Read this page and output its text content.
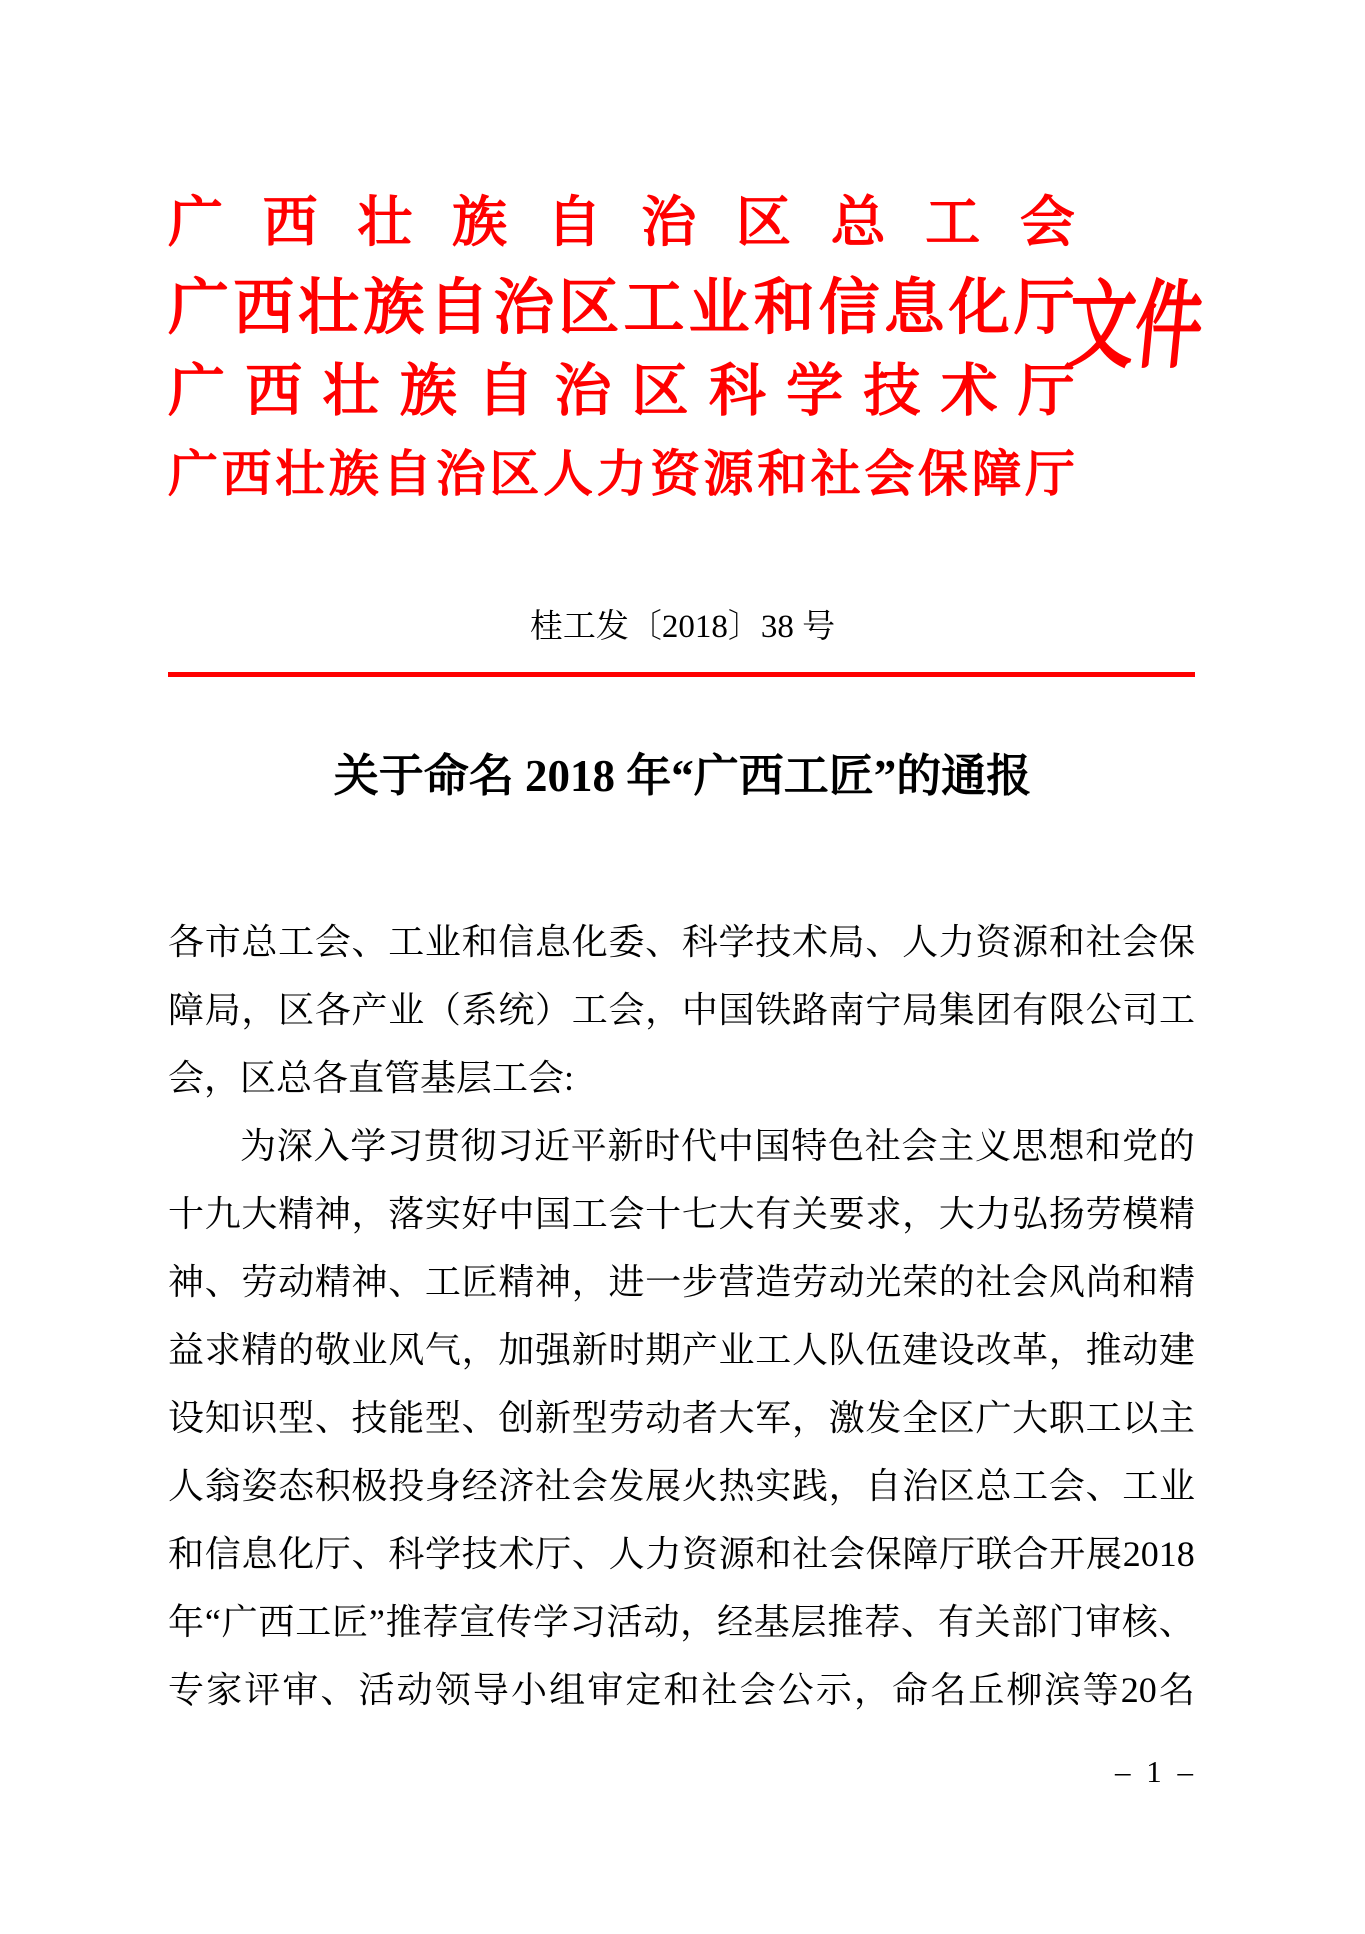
广 西 壮 族 自 治 区 总 工 会
广 西 壮 族 自 治 区 工 业 和 信 息 化 厅
广 西 壮 族 自 治 区 科 学 技 术 厅
广 西 壮 族 自 治 区 人 力 资 源 和 社 会 保 障 厅
文件
桂工发〔2018〕38 号
关于命名 2018 年“广西工匠”的通报
各 市 总 工 会 、 工 业 和 信 息 化 委 、 科 学 技 术 局 、 人 力 资 源 和 社 会 保
障 局 ， 区 各 产 业 （ 系 统 ） 工 会 ， 中 国 铁 路 南 宁 局 集 团 有 限 公 司 工
会，区总各直管基层工会:
为 深 入 学 习 贯 彻 习 近 平 新 时 代 中 国 特 色 社 会 主 义 思 想 和 党 的
十 九 大 精 神 ， 落 实 好 中 国 工 会 十 七 大 有 关 要 求 ， 大 力 弘 扬 劳 模 精
神 、 劳 动 精 神 、 工 匠 精 神 ， 进 一 步 营 造 劳 动 光 荣 的 社 会 风 尚 和 精
益 求 精 的 敬 业 风 气 ， 加 强 新 时 期 产 业 工 人 队 伍 建 设 改 革 ， 推 动 建
设 知 识 型 、 技 能 型 、 创 新 型 劳 动 者 大 军 ， 激 发 全 区 广 大 职 工 以 主
人 翁 姿 态 积 极 投 身 经 济 社 会 发 展 火 热 实 践 ， 自 治 区 总 工 会 、 工 业
和 信 息 化 厅 、 科 学 技 术 厅 、 人 力 资 源 和 社 会 保 障 厅 联 合 开 展 2018
年 “ 广 西 工 匠 ” 推 荐 宣 传 学 习 活 动 ， 经 基 层 推 荐 、 有 关 部 门 审 核 、
专 家 评 审 、 活 动 领 导 小 组 审 定 和 社 会 公 示 ， 命 名 丘 柳 滨 等 20 名
– 1 –
